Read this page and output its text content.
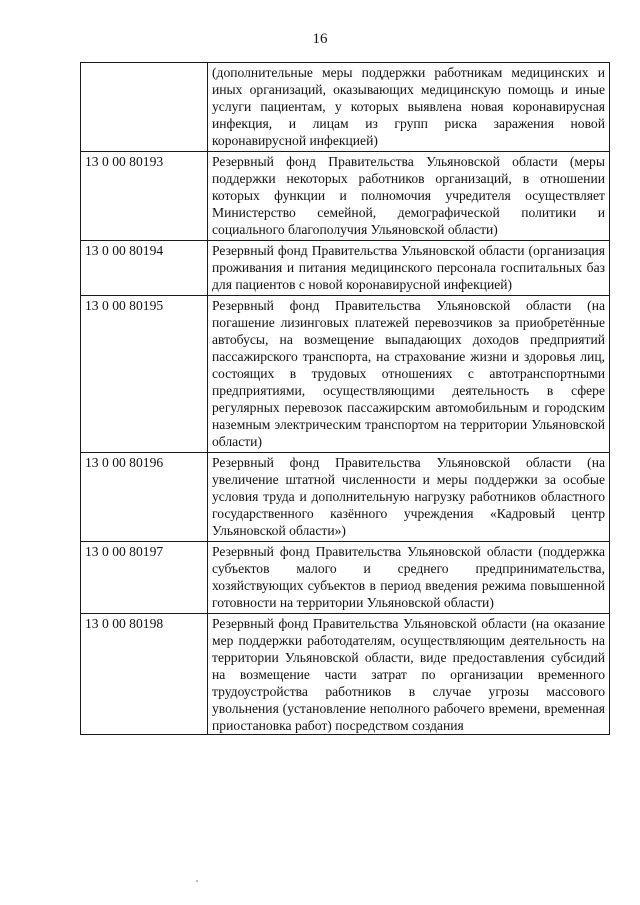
16
	(дополнительные меры поддержки работникам медицинских и иных организаций, оказывающих медицинскую помощь и иные услуги пациентам, у которых выявлена новая коронавирусная инфекция, и лицам из групп риска заражения новой коронавирусной инфекцией)
13 0 00 80193	Резервный фонд Правительства Ульяновской области (меры поддержки некоторых работников организаций, в отношении которых функции и полномочия учредителя осуществляет Министерство семейной, демографической политики и социального благополучия Ульяновской области)
13 0 00 80194	Резервный фонд Правительства Ульяновской области (организация проживания и питания медицинского персонала госпитальных баз для пациентов с новой коронавирусной инфекцией)
13 0 00 80195	Резервный фонд Правительства Ульяновской области (на погашение лизинговых платежей перевозчиков за приобретённые автобусы, на возмещение выпадающих доходов предприятий пассажирского транспорта, на страхование жизни и здоровья лиц, состоящих в трудовых отношениях с автотранспортными предприятиями, осуществляющими деятельность в сфере регулярных перевозок пассажирским автомобильным и городским наземным электрическим транспортом на территории Ульяновской области)
13 0 00 80196	Резервный фонд Правительства Ульяновской области (на увеличение штатной численности и меры поддержки за особые условия труда и дополнительную нагрузку работников областного государственного казённого учреждения «Кадровый центр Ульяновской области»)
13 0 00 80197	Резервный фонд Правительства Ульяновской области (поддержка субъектов малого и среднего предпринимательства, хозяйствующих субъектов в период введения режима повышенной готовности на территории Ульяновской области)
13 0 00 80198	Резервный фонд Правительства Ульяновской области (на оказание мер поддержки работодателям, осуществляющим деятельность на территории Ульяновской области, виде предоставления субсидий на возмещение части затрат по организации временного трудоустройства работников в случае угрозы массового увольнения (установление неполного рабочего времени, временная приостановка работ) посредством создания
